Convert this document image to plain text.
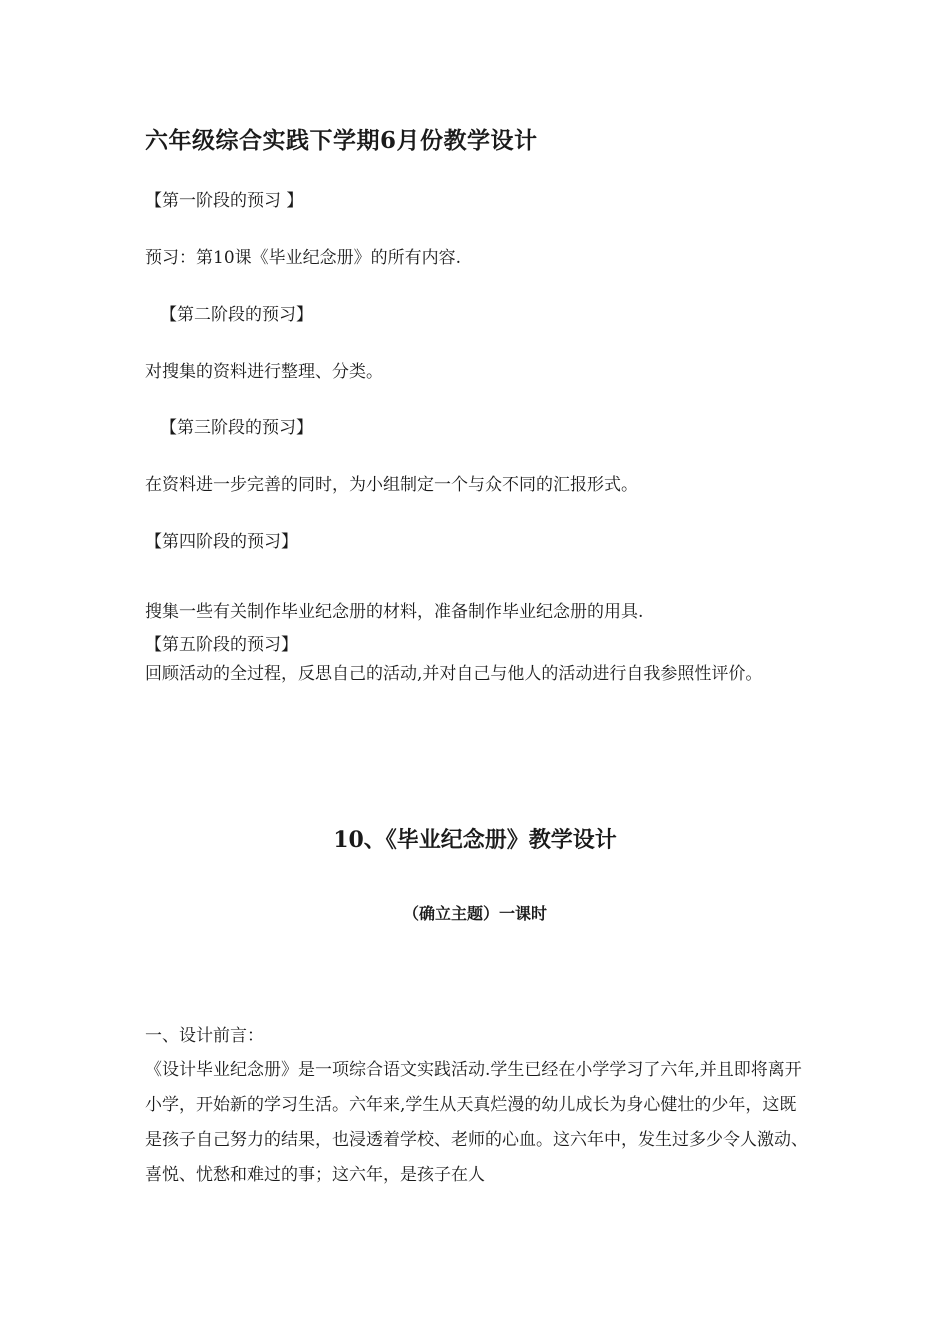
六年级综合实践下学期6月份教学设计

【第一阶段的预习 】

预习：第10课《毕业纪念册》的所有内容.

【第二阶段的预习】

对搜集的资料进行整理、分类。

【第三阶段的预习】

在资料进一步完善的同时，为小组制定一个与众不同的汇报形式。

【第四阶段的预习】

搜集一些有关制作毕业纪念册的材料，准备制作毕业纪念册的用具.

【第五阶段的预习】

回顾活动的全过程，反思自己的活动,并对自己与他人的活动进行自我参照性评价。

10、《毕业纪念册》教学设计

（确立主题）一课时

一、设计前言：

《设计毕业纪念册》是一项综合语文实践活动.学生已经在小学学习了六年,并且即将离开小学，开始新的学习生活。六年来,学生从天真烂漫的幼儿成长为身心健壮的少年，这既是孩子自己努力的结果，也浸透着学校、老师的心血。这六年中，发生过多少令人激动、喜悦、忧愁和难过的事；这六年，是孩子在人
